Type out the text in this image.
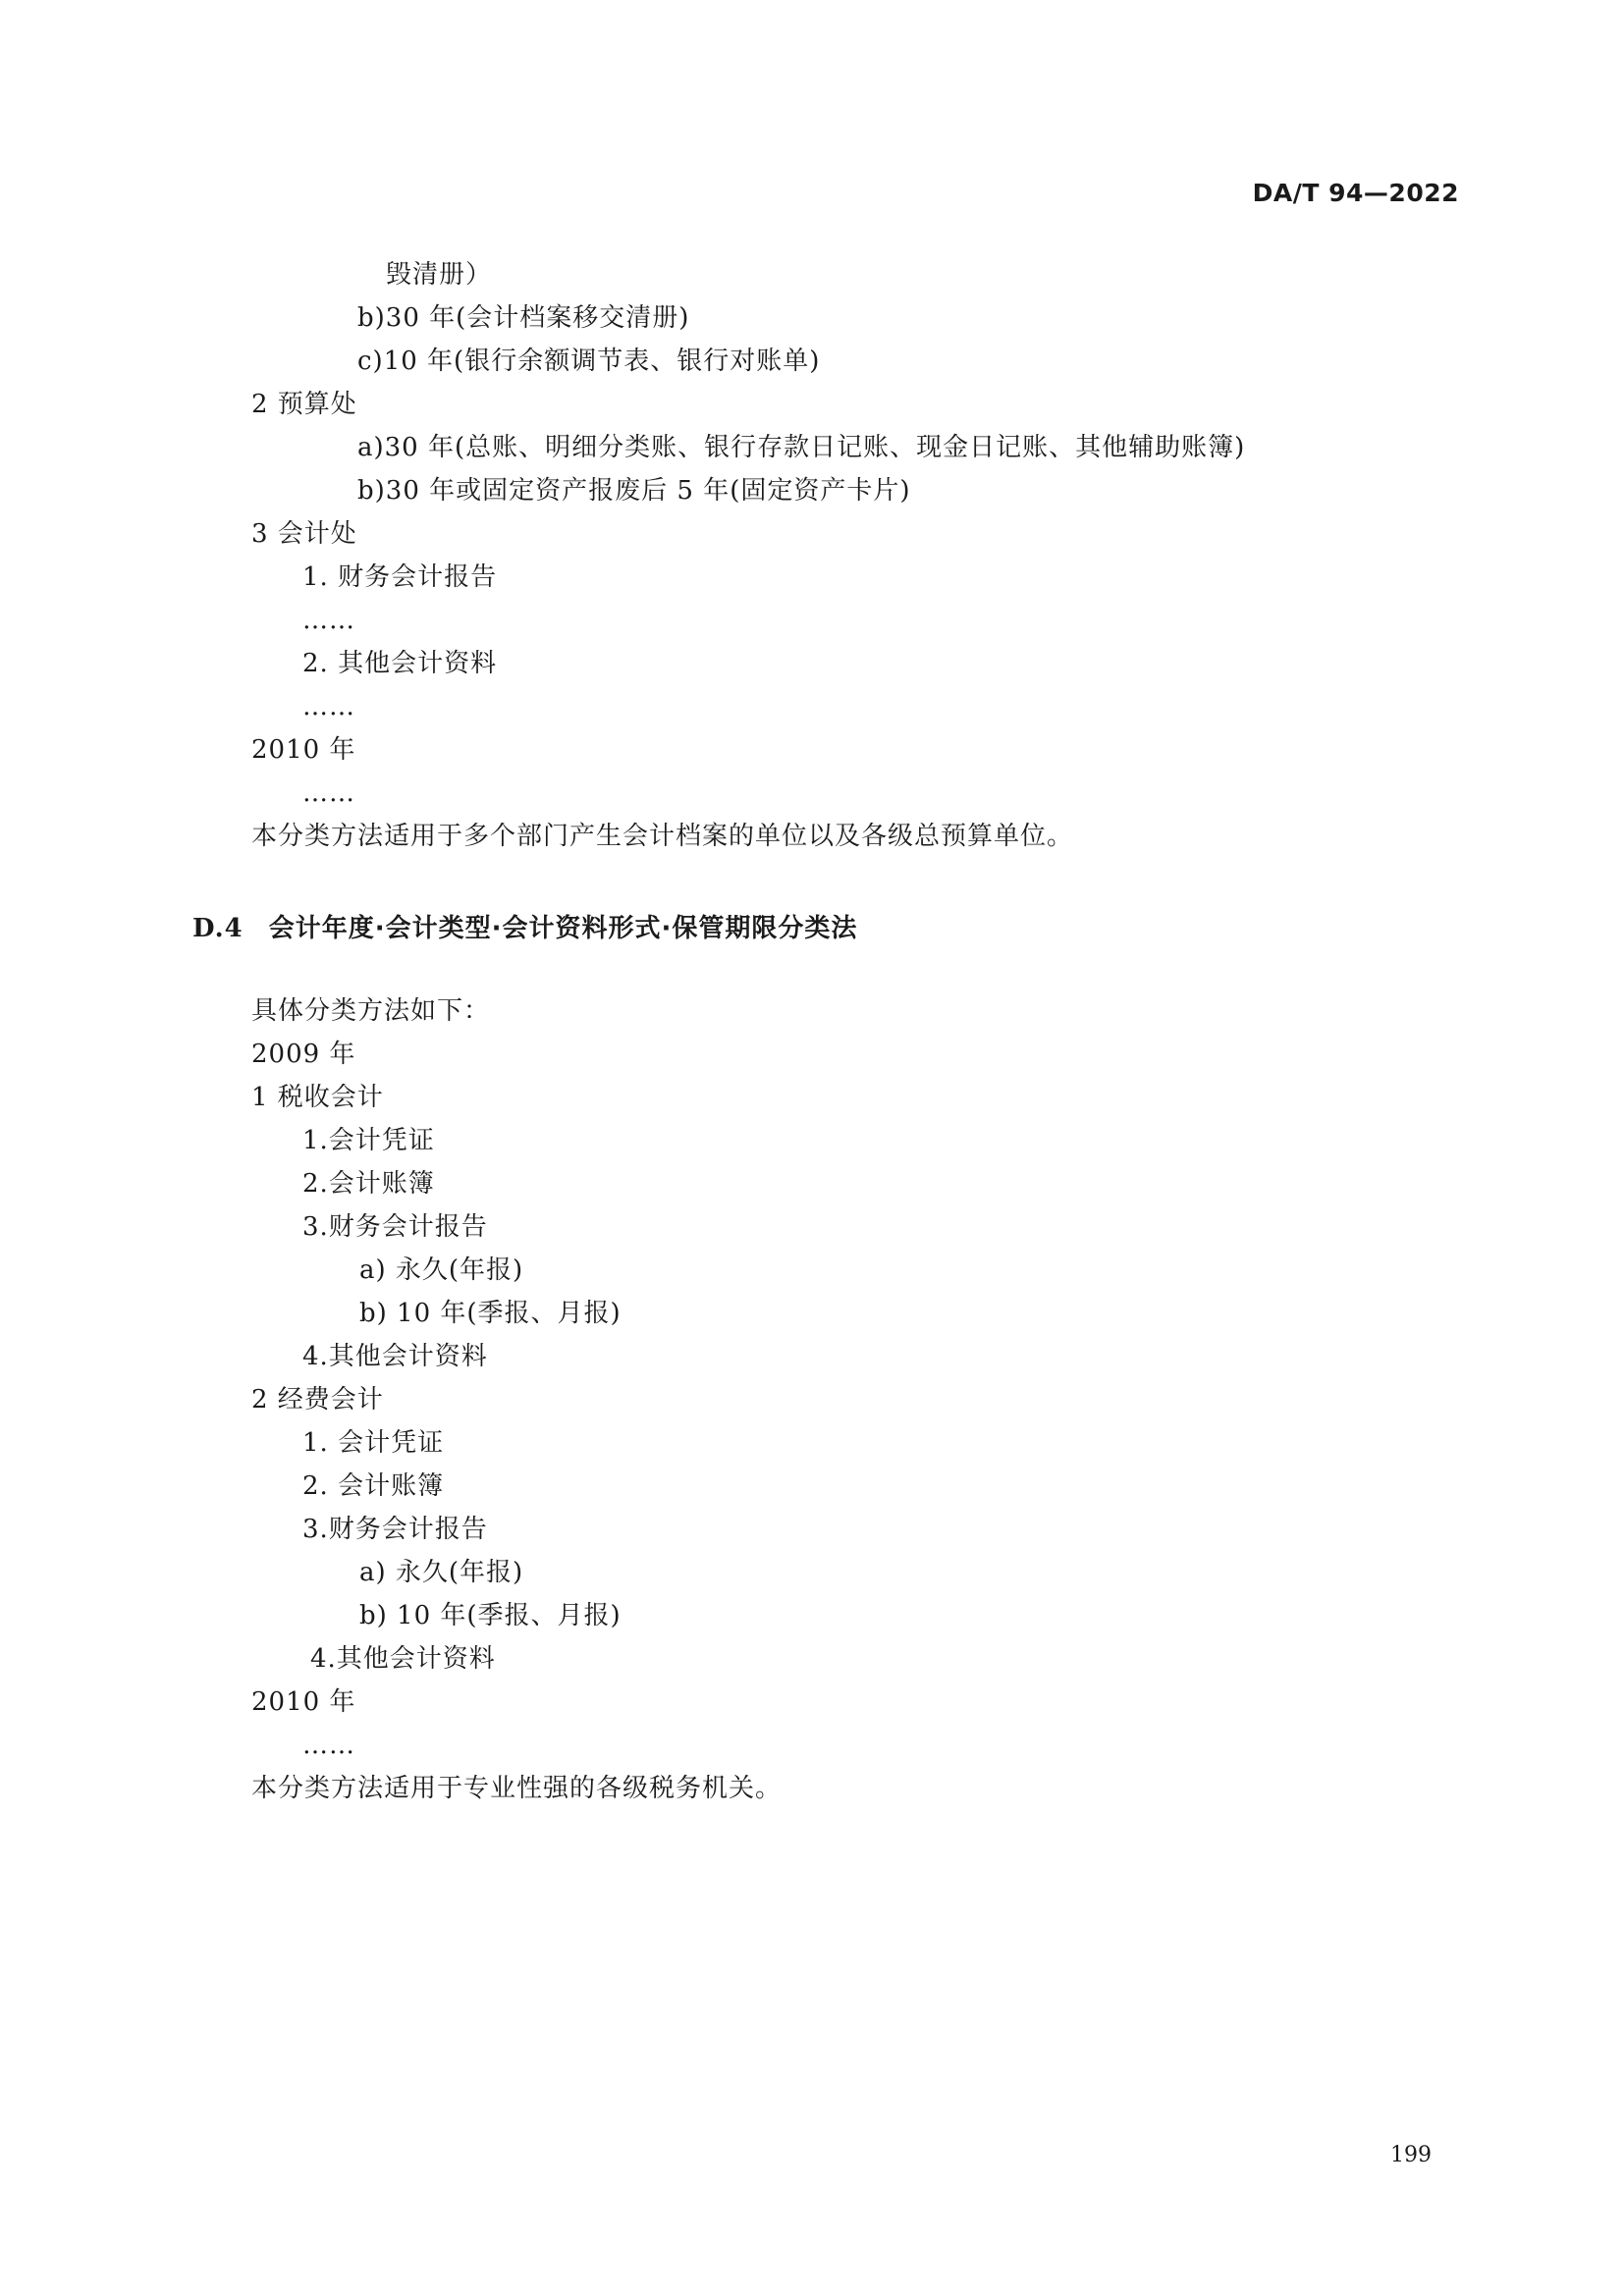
DA/T 94—2022
毁清册）
b)30 年(会计档案移交清册)
c)10 年(银行余额调节表、银行对账单)
2 预算处
a)30 年(总账、明细分类账、银行存款日记账、现金日记账、其他辅助账簿)
b)30 年或固定资产报废后 5 年(固定资产卡片)
3 会计处
1. 财务会计报告
……
2. 其他会计资料
……
2010 年
……
本分类方法适用于多个部门产生会计档案的单位以及各级总预算单位。
D.4 会计年度·会计类型·会计资料形式·保管期限分类法
具体分类方法如下：
2009 年
1 税收会计
1.会计凭证
2.会计账簿
3.财务会计报告
a) 永久(年报)
b) 10 年(季报、月报)
4.其他会计资料
2 经费会计
1. 会计凭证
2. 会计账簿
3.财务会计报告
a) 永久(年报)
b) 10 年(季报、月报)
4.其他会计资料
2010 年
……
本分类方法适用于专业性强的各级税务机关。
199
